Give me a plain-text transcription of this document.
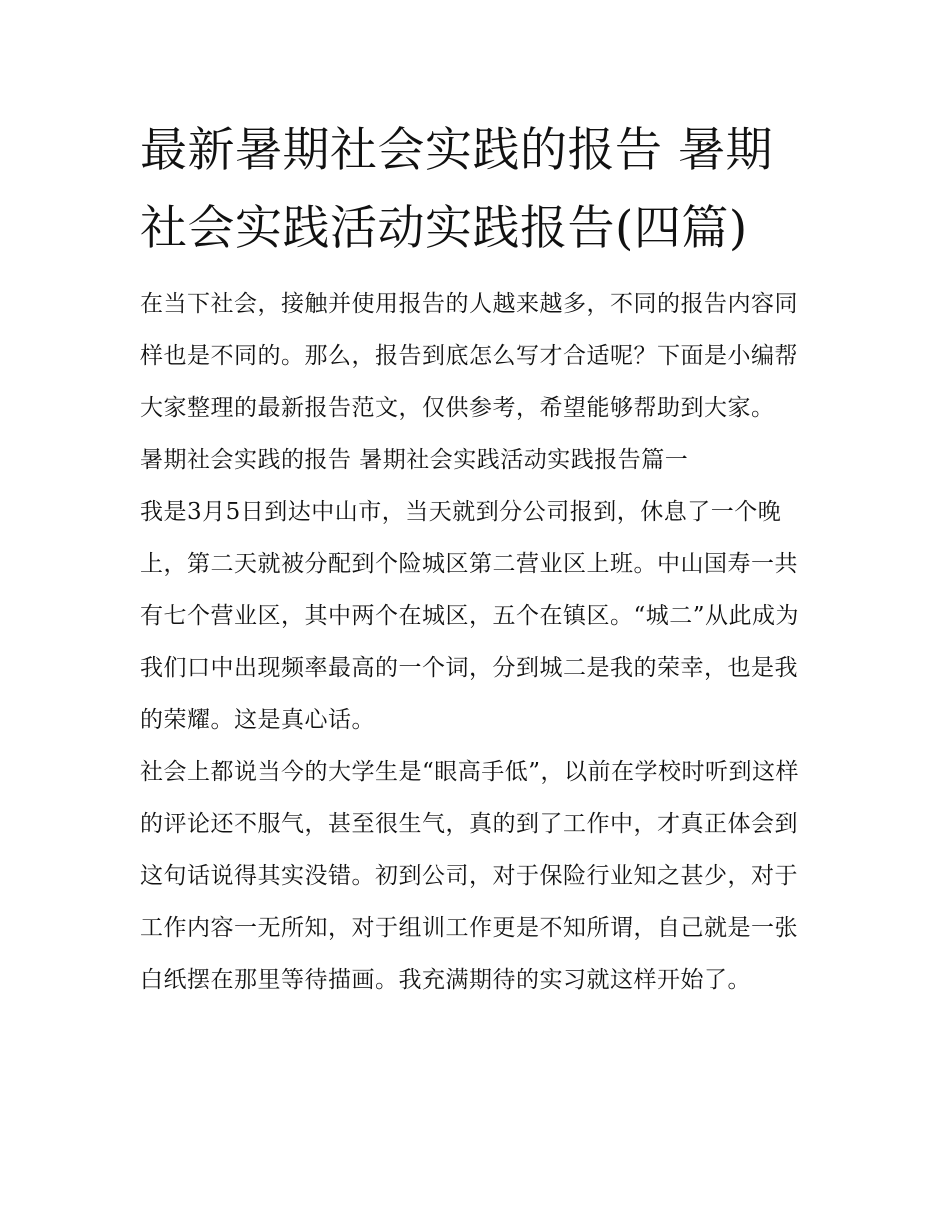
最新暑期社会实践的报告 暑期社会实践活动实践报告(四篇)

在当下社会，接触并使用报告的人越来越多，不同的报告内容同样也是不同的。那么，报告到底怎么写才合适呢？下面是小编帮大家整理的最新报告范文，仅供参考，希望能够帮助到大家。

暑期社会实践的报告 暑期社会实践活动实践报告篇一

我是3月5日到达中山市，当天就到分公司报到，休息了一个晚上，第二天就被分配到个险城区第二营业区上班。中山国寿一共有七个营业区，其中两个在城区，五个在镇区。“城二”从此成为我们口中出现频率最高的一个词，分到城二是我的荣幸，也是我的荣耀。这是真心话。

社会上都说当今的大学生是“眼高手低”，以前在学校时听到这样的评论还不服气，甚至很生气，真的到了工作中，才真正体会到这句话说得其实没错。初到公司，对于保险行业知之甚少，对于工作内容一无所知，对于组训工作更是不知所谓，自己就是一张白纸摆在那里等待描画。我充满期待的实习就这样开始了。
